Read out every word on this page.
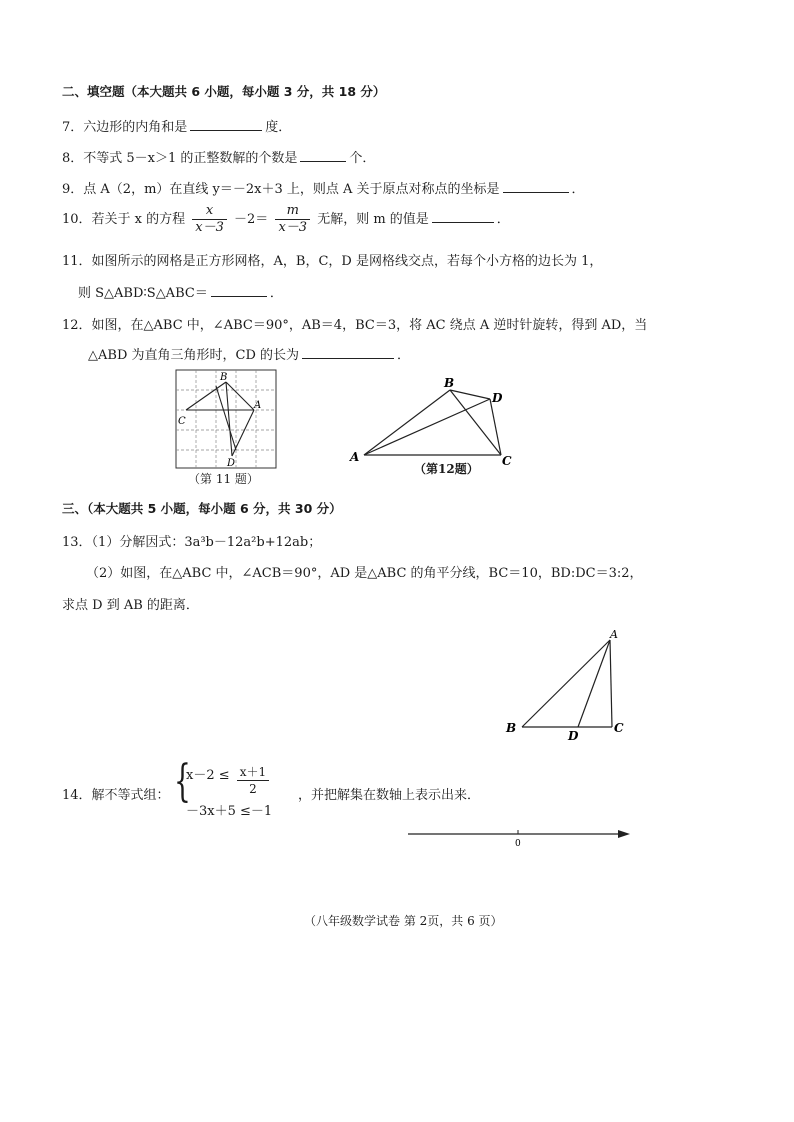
二、填空题（本大题共 6 小题，每小题 3 分，共 18 分）
7．六边形的内角和是	度．
8．不等式 5－x＞1 的正整数解的个数是	个．
9．点 A（2，m）在直线 y＝－2x＋3 上，则点 A 关于原点对称点的坐标是	．
10．若关于 x 的方程 $\frac{x}{x-3} -2= \frac{m}{x-3}$ 无解，则 m 的值是	．
11．如图所示的网格是正方形网格，A，B，C，D 是网格线交点，若每个小方格的边长为 1，
则 S△ABD∶S△ABC＝	．
12．如图，在△ABC 中，∠ABC＝90°，AB＝4，BC＝3，将 AC 绕点 A 逆时针旋转，得到 AD，当
△ABD 为直角三角形时，CD 的长为	．
B
A
C
D
（第 11 题）
A
B
C
D
（第12题）
三、（本大题共 5 小题，每小题 6 分，共 30 分）
13．（1）分解因式：3a³b－12a²b+12ab；
（2）如图，在△ABC 中，∠ACB＝90°，AD 是△ABC 的角平分线，BC＝10，BD:DC＝3:2，
求点 D 到 AB 的距离．
A
B	C
D
14．解不等式组： {
$x-2 \le \frac{x+1}{2}$
－3x＋5 ≤－1
，并把解集在数轴上表示出来．
0
（八年级数学试卷 第 2页，共 6 页）
